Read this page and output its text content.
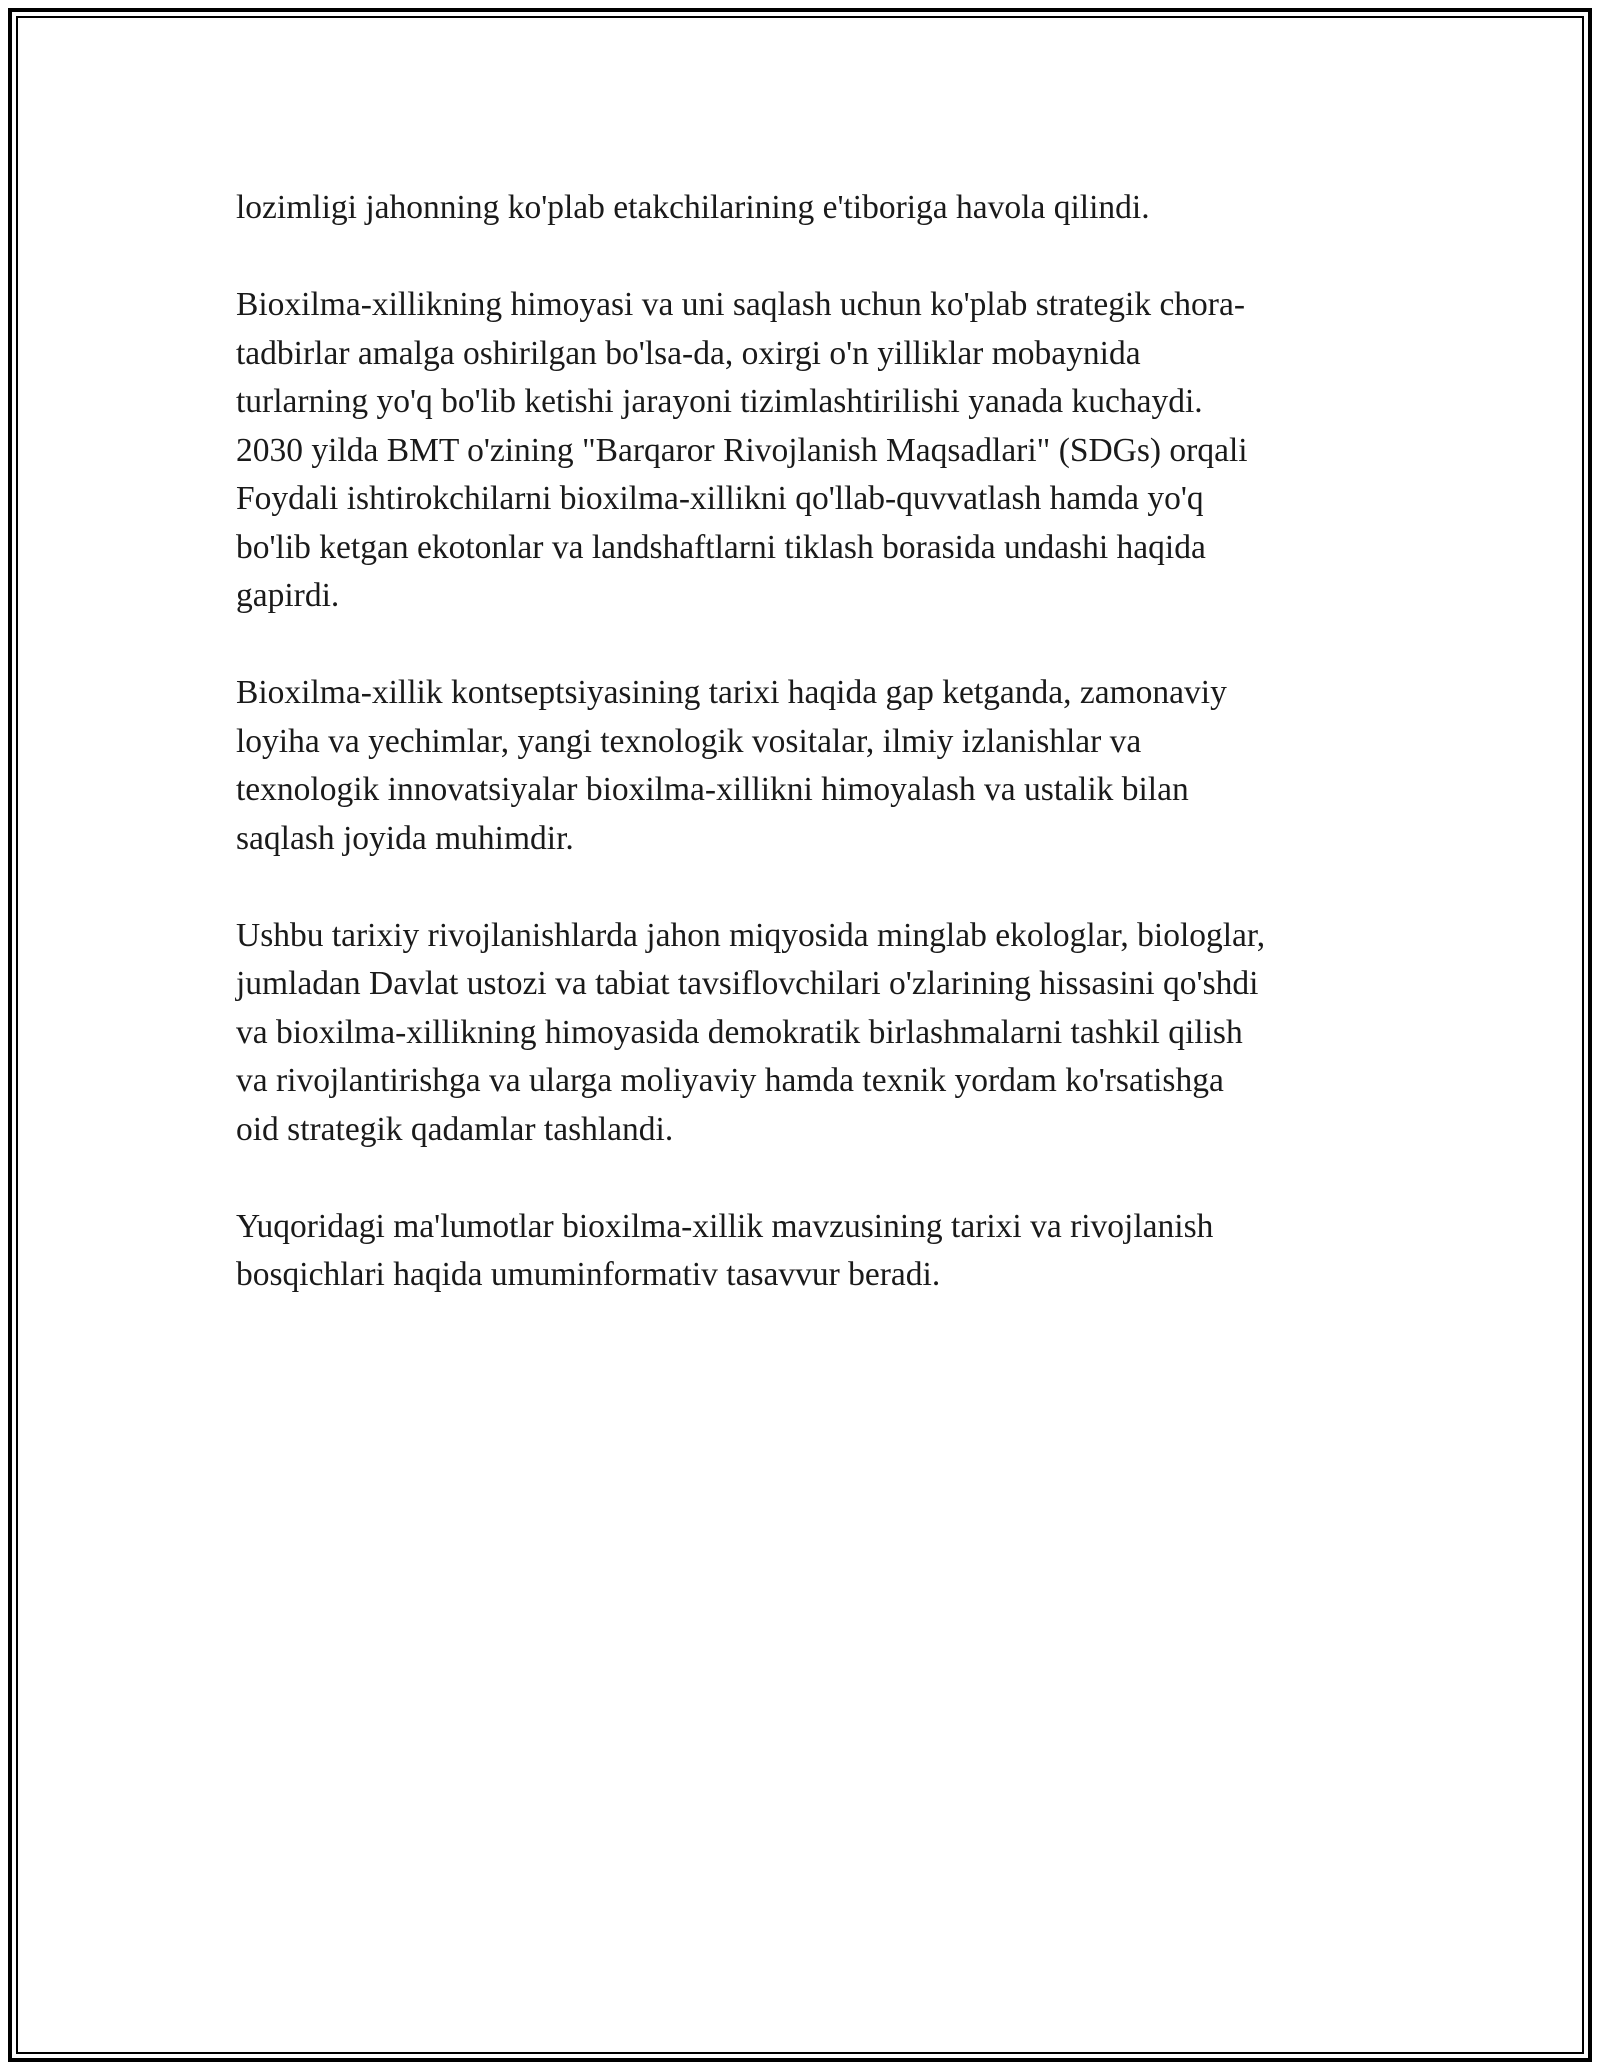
lozimligi jahonning ko'plab etakchilarining e'tiboriga havola qilindi.

Bioxilma-xillikning himoyasi va uni saqlash uchun ko'plab strategik chora-
tadbirlar amalga oshirilgan bo'lsa-da, oxirgi o'n yilliklar mobaynida
turlarning yo'q bo'lib ketishi jarayoni tizimlashtirilishi yanada kuchaydi.
2030 yilda BMT o'zining "Barqaror Rivojlanish Maqsadlari" (SDGs) orqali
Foydali ishtirokchilarni bioxilma-xillikni qo'llab-quvvatlash hamda yo'q
bo'lib ketgan ekotonlar va landshaftlarni tiklash borasida undashi haqida
gapirdi.

Bioxilma-xillik kontseptsiyasining tarixi haqida gap ketganda, zamonaviy
loyiha va yechimlar, yangi texnologik vositalar, ilmiy izlanishlar va
texnologik innovatsiyalar bioxilma-xillikni himoyalash va ustalik bilan
saqlash joyida muhimdir.

Ushbu tarixiy rivojlanishlarda jahon miqyosida minglab ekologlar, biologlar,
jumladan Davlat ustozi va tabiat tavsiflovchilari o'zlarining hissasini qo'shdi
va bioxilma-xillikning himoyasida demokratik birlashmalarni tashkil qilish
va rivojlantirishga va ularga moliyaviy hamda texnik yordam ko'rsatishga
oid strategik qadamlar tashlandi.

Yuqoridagi ma'lumotlar bioxilma-xillik mavzusining tarixi va rivojlanish
bosqichlari haqida umuminformativ tasavvur beradi.
